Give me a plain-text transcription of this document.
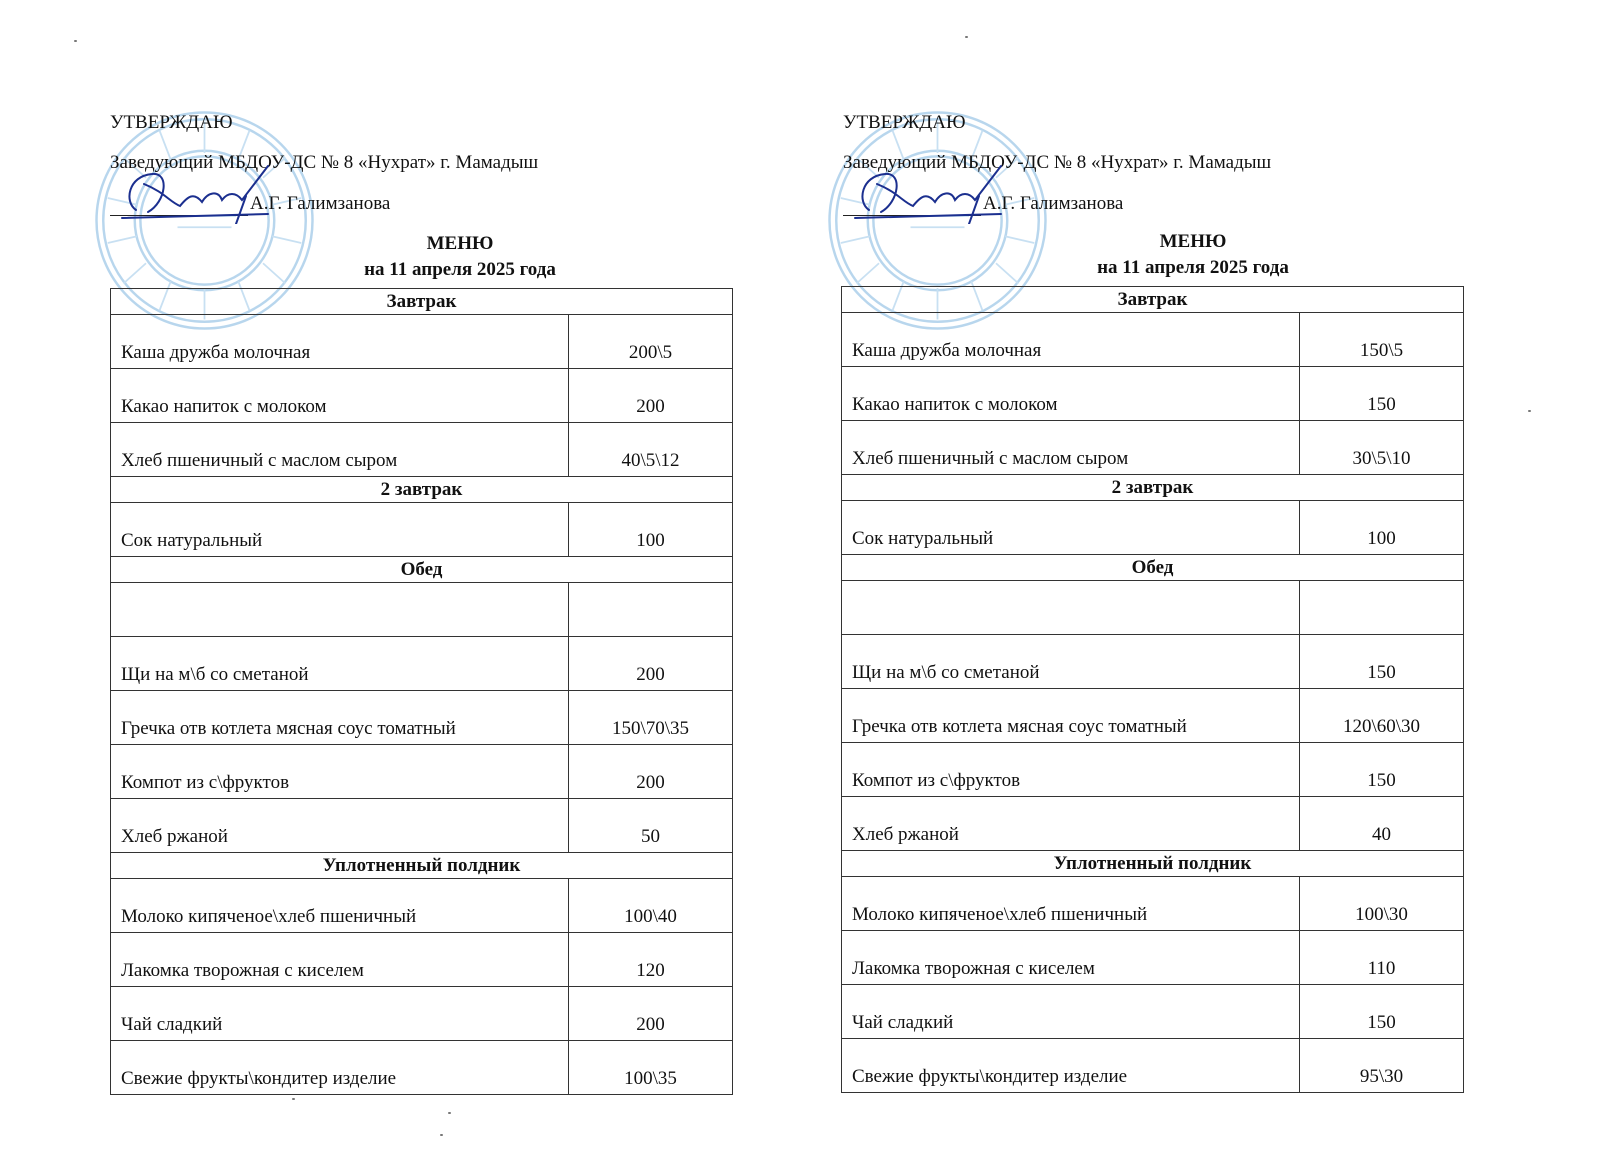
УТВЕРЖДАЮ
Заведующий МБДОУ-ДС № 8 «Нухрат» г. Мамадыш
А.Г. Галимзанова
МЕНЮ
на 11 апреля 2025 года
Завтрак	
Каша дружба молочная	200\5
Какао напиток с молоком	200
Хлеб пшеничный с маслом сыром	40\5\12
2 завтрак	
Сок натуральный	100
Обед	

Щи на м\б со сметаной	200
Гречка отв котлета мясная соус томатный	150\70\35
Компот из с\фруктов	200
Хлеб ржаной	50
Уплотненный полдник	
Молоко кипяченое\хлеб пшеничный	100\40
Лакомка творожная с киселем	120
Чай сладкий	200
Свежие фрукты\кондитер изделие	100\35
УТВЕРЖДАЮ
Заведующий МБДОУ-ДС № 8 «Нухрат» г. Мамадыш
А.Г. Галимзанова
МЕНЮ
на 11 апреля 2025 года
Завтрак	
Каша дружба молочная	150\5
Какао напиток с молоком	150
Хлеб пшеничный с маслом сыром	30\5\10
2 завтрак	
Сок натуральный	100
Обед	

Щи на м\б со сметаной	150
Гречка отв котлета мясная соус томатный	120\60\30
Компот из с\фруктов	150
Хлеб ржаной	40
Уплотненный полдник	
Молоко кипяченое\хлеб пшеничный	100\30
Лакомка творожная с киселем	110
Чай сладкий	150
Свежие фрукты\кондитер изделие	95\30
